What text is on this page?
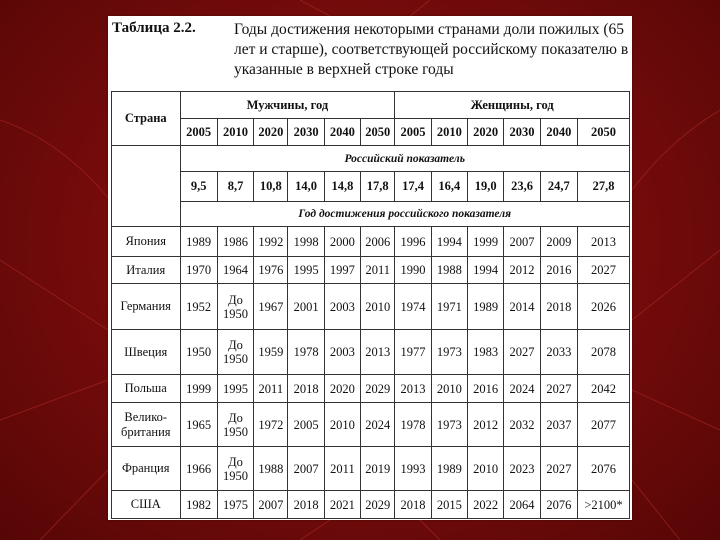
Таблица 2.2. Годы достижения некоторыми странами доли пожилых (65 лет и старше), соответствующей российскому показателю в указанные в верхней строке годы
Страна	Мужчины, год						Женщины, год					
	2005	2010	2020	2030	2040	2050	2005	2010	2020	2030	2040	2050
	Российский показатель											
	9,5	8,7	10,8	14,0	14,8	17,8	17,4	16,4	19,0	23,6	24,7	27,8
	Год достижения российского показателя											
Япония	1989	1986	1992	1998	2000	2006	1996	1994	1999	2007	2009	2013
Италия	1970	1964	1976	1995	1997	2011	1990	1988	1994	2012	2016	2027
Германия	1952	До 1950	1967	2001	2003	2010	1974	1971	1989	2014	2018	2026
Швеция	1950	До 1950	1959	1978	2003	2013	1977	1973	1983	2027	2033	2078
Польша	1999	1995	2011	2018	2020	2029	2013	2010	2016	2024	2027	2042
Велико-британия	1965	До 1950	1972	2005	2010	2024	1978	1973	2012	2032	2037	2077
Франция	1966	До 1950	1988	2007	2011	2019	1993	1989	2010	2023	2027	2076
США	1982	1975	2007	2018	2021	2029	2018	2015	2022	2064	2076	>2100*
